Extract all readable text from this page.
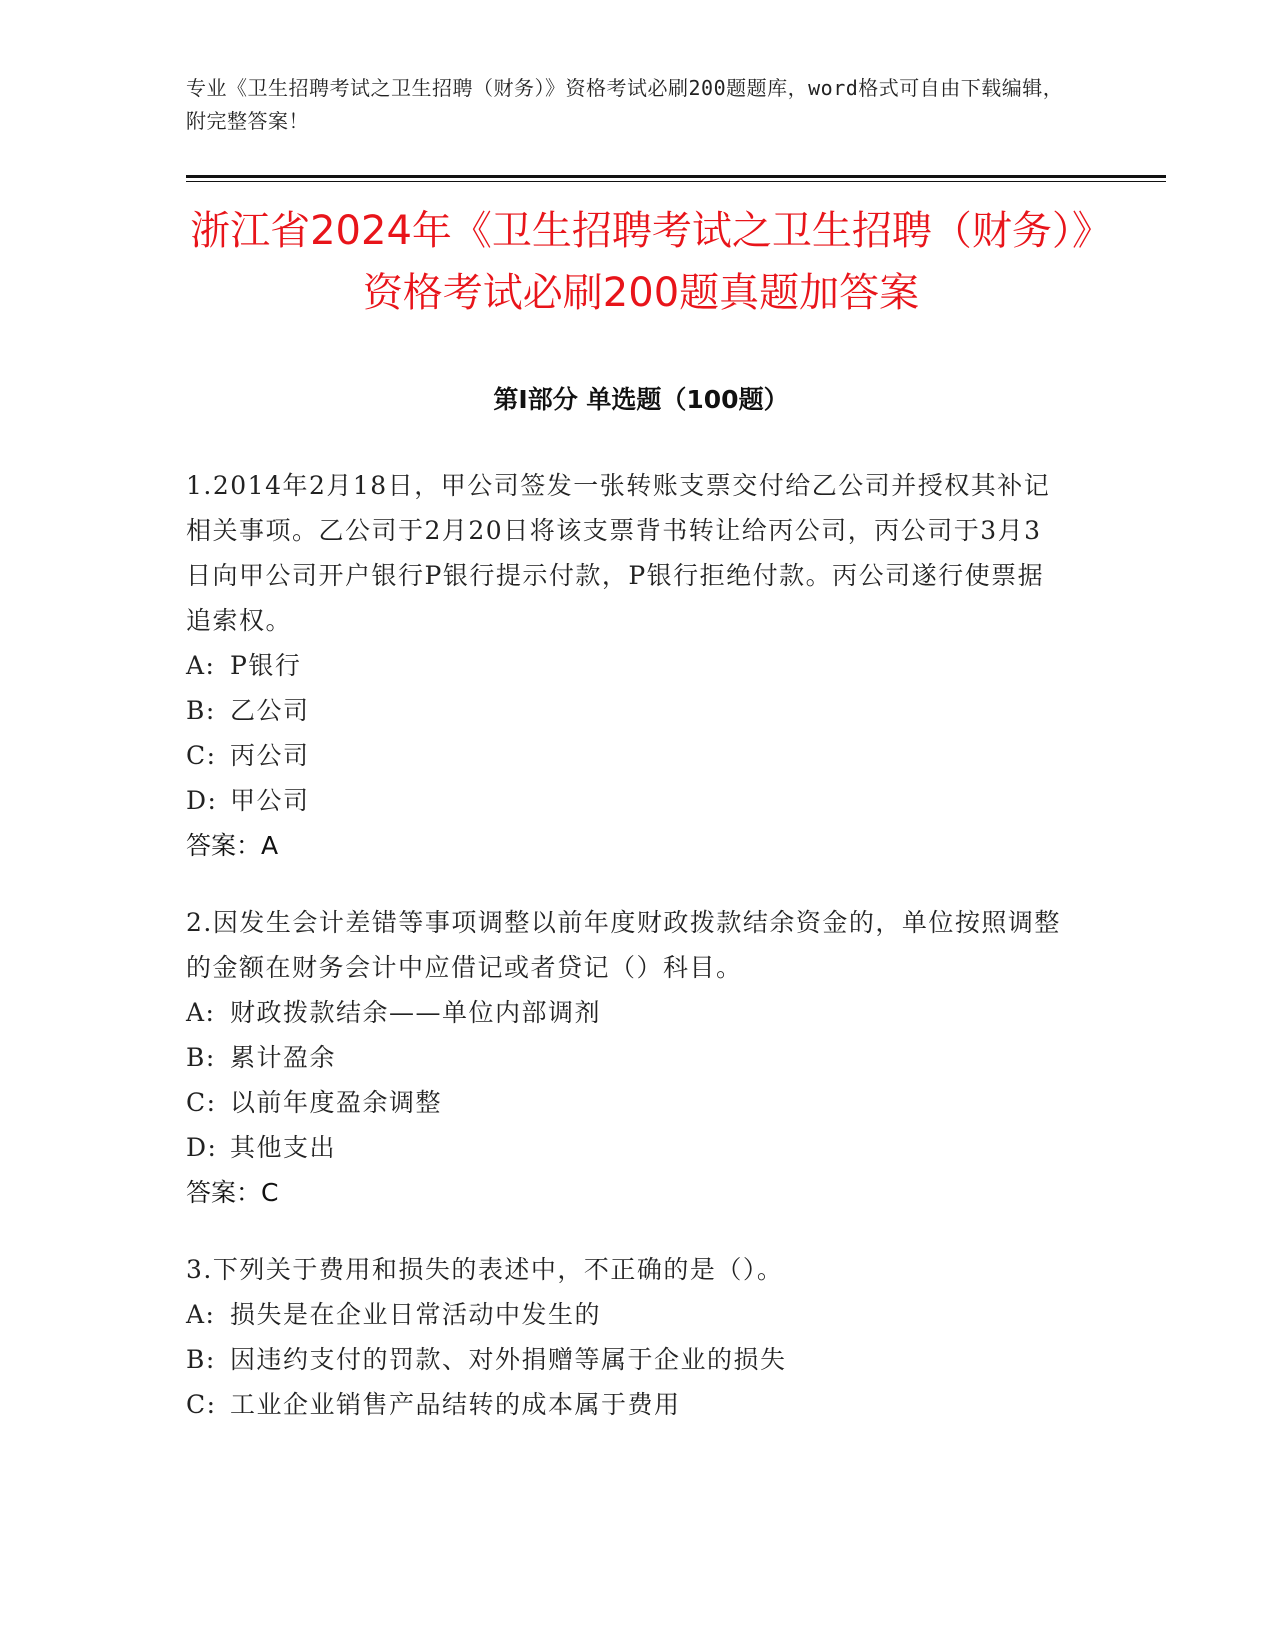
专业《卫生招聘考试之卫生招聘（财务）》资格考试必刷200题题库，word格式可自由下载编辑，附完整答案！
浙江省2024年《卫生招聘考试之卫生招聘（财务）》资格考试必刷200题真题加答案
第I部分 单选题（100题）

1.2014年2月18日，甲公司签发一张转账支票交付给乙公司并授权其补记相关事项。乙公司于2月20日将该支票背书转让给丙公司，丙公司于3月3日向甲公司开户银行P银行提示付款，P银行拒绝付款。丙公司遂行使票据追索权。

A: P银行
B: 乙公司
C: 丙公司
D: 甲公司

答案：A

2.因发生会计差错等事项调整以前年度财政拨款结余资金的，单位按照调整的金额在财务会计中应借记或者贷记（）科目。

A: 财政拨款结余——单位内部调剂
B: 累计盈余
C: 以前年度盈余调整
D: 其他支出

答案：C

3.下列关于费用和损失的表述中，不正确的是（）。

A: 损失是在企业日常活动中发生的
B: 因违约支付的罚款、对外捐赠等属于企业的损失
C: 工业企业销售产品结转的成本属于费用
